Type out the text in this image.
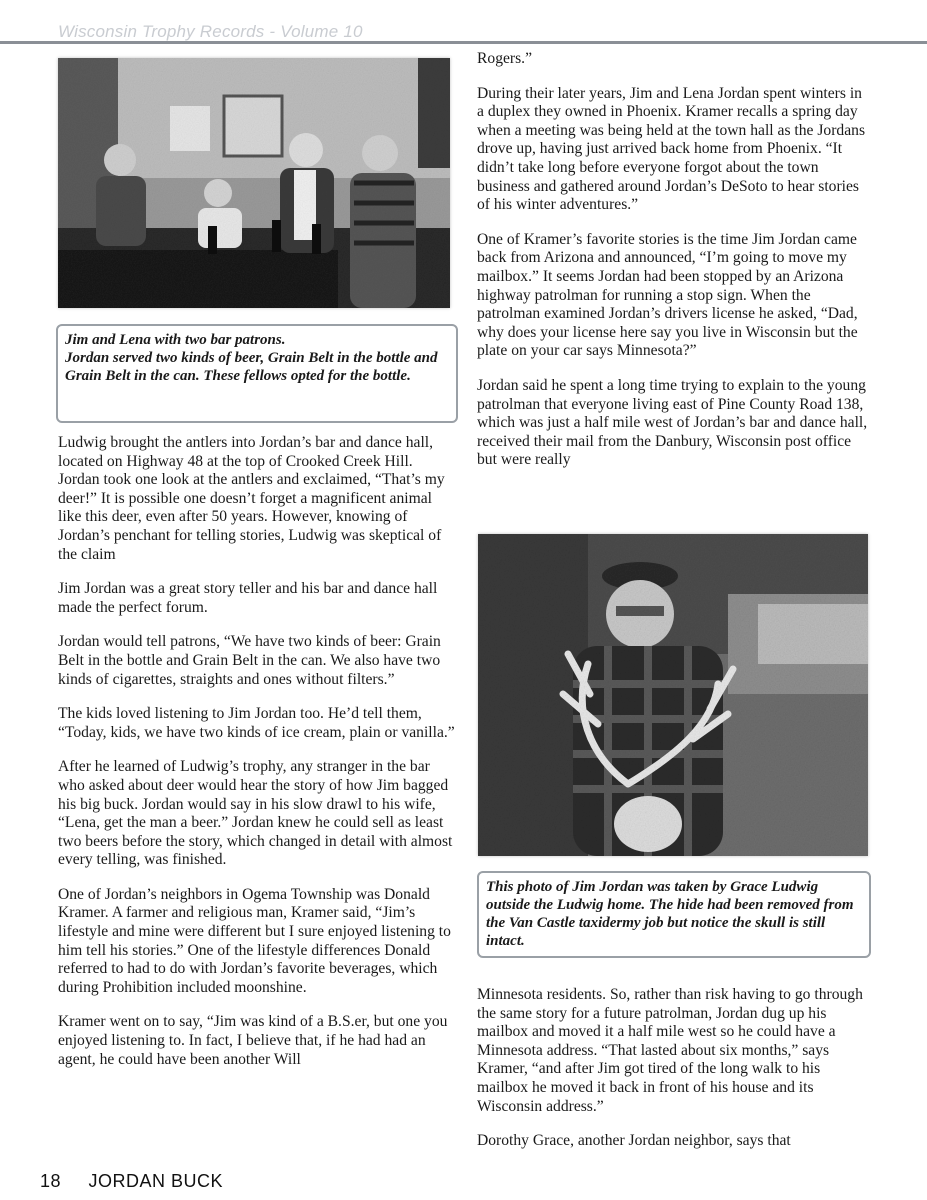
Wisconsin Trophy Records - Volume 10
Jim and Lena with two bar patrons.
Jordan served two kinds of beer, Grain Belt in the bottle and Grain Belt in the can. These fellows opted for the bottle.

Ludwig brought the antlers into Jordan’s bar and dance hall, located on Highway 48 at the top of Crooked Creek Hill. Jordan took one look at the antlers and exclaimed, “That’s my deer!” It is possible one doesn’t forget a magnificent animal like this deer, even after 50 years. However, knowing of Jordan’s penchant for telling stories, Ludwig was skeptical of the claim

Jim Jordan was a great story teller and his bar and dance hall made the perfect forum.

Jordan would tell patrons, “We have two kinds of beer: Grain Belt in the bottle and Grain Belt in the can. We also have two kinds of cigarettes, straights and ones without filters.”

The kids loved listening to Jim Jordan too. He’d tell them, “Today, kids, we have two kinds of ice cream, plain or vanilla.”

After he learned of Ludwig’s trophy, any stranger in the bar who asked about deer would hear the story of how Jim bagged his big buck. Jordan would say in his slow drawl to his wife, “Lena, get the man a beer.” Jordan knew he could sell as least two beers before the story, which changed in detail with almost every telling, was finished.

One of Jordan’s neighbors in Ogema Township was Donald Kramer. A farmer and religious man, Kramer said, “Jim’s lifestyle and mine were different but I sure enjoyed listening to him tell his stories.” One of the lifestyle differences Donald referred to had to do with Jordan’s favorite beverages, which during Prohibition included moonshine.

Kramer went on to say, “Jim was kind of a B.S.er, but one you enjoyed listening to. In fact, I believe that, if he had had an agent, he could have been another Will

Rogers.”

During their later years, Jim and Lena Jordan spent winters in a duplex they owned in Phoenix. Kramer recalls a spring day when a meeting was being held at the town hall as the Jordans drove up, having just arrived back home from Phoenix. “It didn’t take long before everyone forgot about the town business and gathered around Jordan’s DeSoto to hear stories of his winter adventures.”

One of Kramer’s favorite stories is the time Jim Jordan came back from Arizona and announced, “I’m going to move my mailbox.” It seems Jordan had been stopped by an Arizona highway patrolman for running a stop sign. When the patrolman examined Jordan’s drivers license he asked, “Dad, why does your license here say you live in Wisconsin but the plate on your car says Minnesota?”

Jordan said he spent a long time trying to explain to the young patrolman that everyone living east of Pine County Road 138, which was just a half mile west of Jordan’s bar and dance hall, received their mail from the Danbury, Wisconsin post office but were really

This photo of Jim Jordan was taken by Grace Ludwig outside the Ludwig home. The hide had been removed from the Van Castle taxidermy job but notice the skull is still intact.

Minnesota residents. So, rather than risk having to go through the same story for a future patrolman, Jordan dug up his mailbox and moved it a half mile west so he could have a Minnesota address. “That lasted about six months,” says Kramer, “and after Jim got tired of the long walk to his mailbox he moved it back in front of his house and its Wisconsin address.”

Dorothy Grace, another Jordan neighbor, says that

18 JORDAN BUCK
